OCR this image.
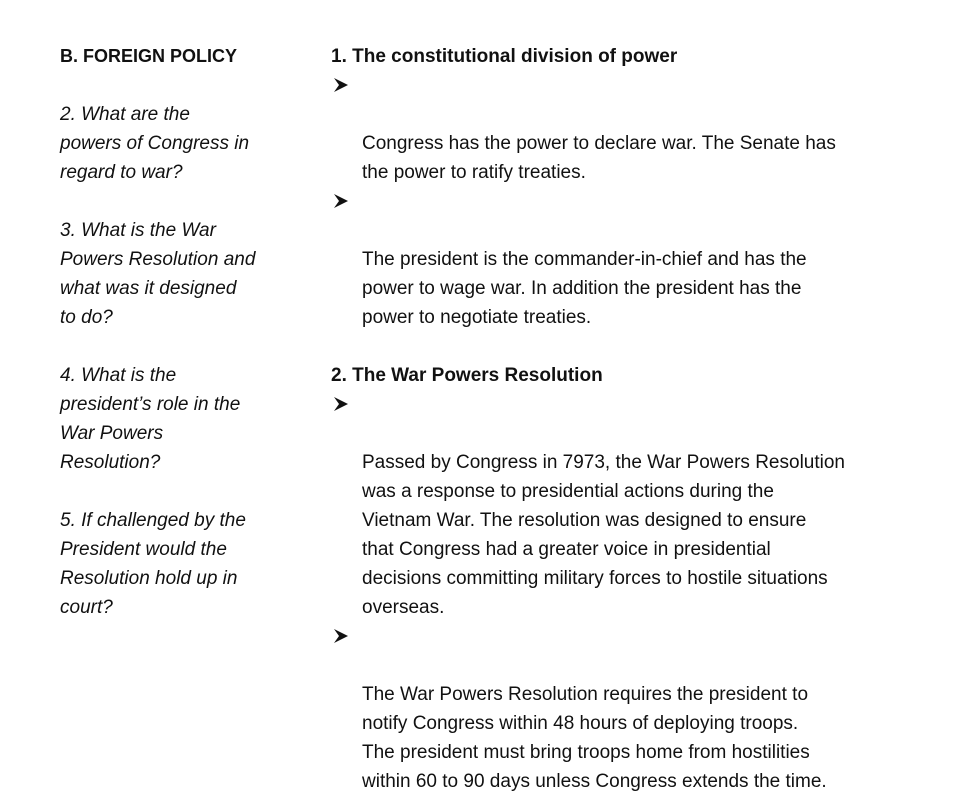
B. FOREIGN POLICY

2. What are the
powers of Congress in
regard to war?

3. What is the War
Powers Resolution and
what was it designed
to do?

4. What is the
president’s role in the
War Powers
Resolution?

5. If challenged by the
President would the
Resolution hold up in
court?

1. The constitutional division of power

Congress has the power to declare war. The Senate has
the power to ratify treaties.

The president is the commander-in-chief and has the
power to wage war. In addition the president has the
power to negotiate treaties.

2. The War Powers Resolution

Passed by Congress in 7973, the War Powers Resolution
was a response to presidential actions during the
Vietnam War. The resolution was designed to ensure
that Congress had a greater voice in presidential
decisions committing military forces to hostile situations
overseas.

The War Powers Resolution requires the president to
notify Congress within 48 hours of deploying troops.
The president must bring troops home from hostilities
within 60 to 90 days unless Congress extends the time.
